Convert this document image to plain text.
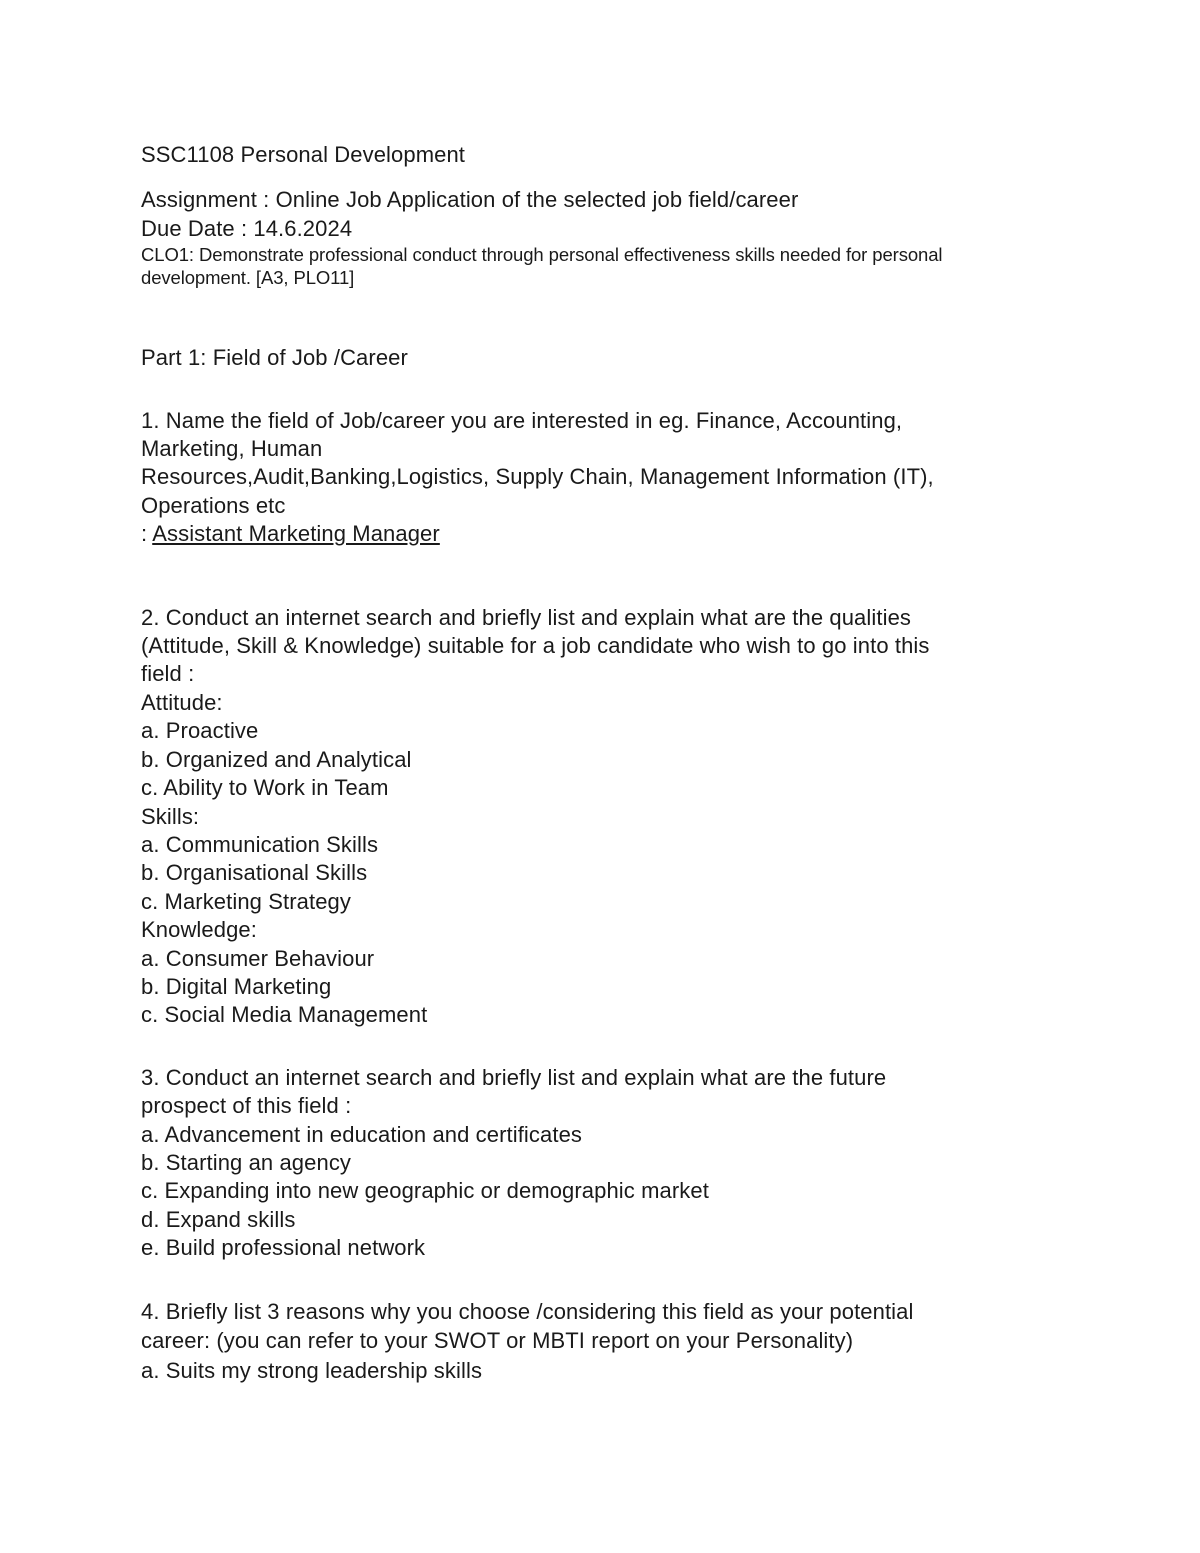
SSC1108 Personal Development
Assignment : Online Job Application of the selected job field/career
Due Date : 14.6.2024
CLO1: Demonstrate professional conduct through personal effectiveness skills needed for personal development. [A3, PLO11]
Part 1: Field of Job /Career
1. Name the field of Job/career you are interested in eg. Finance, Accounting,
Marketing, Human
Resources,Audit,Banking,Logistics, Supply Chain, Management Information (IT),
Operations etc
: Assistant Marketing Manager
2. Conduct an internet search and briefly list and explain what are the qualities
(Attitude, Skill & Knowledge) suitable for a job candidate who wish to go into this
field :
Attitude:
a. Proactive
b. Organized and Analytical
c. Ability to Work in Team
Skills:
a. Communication Skills
b. Organisational Skills
c. Marketing Strategy
Knowledge:
a. Consumer Behaviour
b. Digital Marketing
c. Social Media Management
3. Conduct an internet search and briefly list and explain what are the future
prospect of this field :
a. Advancement in education and certificates
b. Starting an agency
c. Expanding into new geographic or demographic market
d. Expand skills
e. Build professional network
4. Briefly list 3 reasons why you choose /considering this field as your potential
career: (you can refer to your SWOT or MBTI report on your Personality)
a. Suits my strong leadership skills
